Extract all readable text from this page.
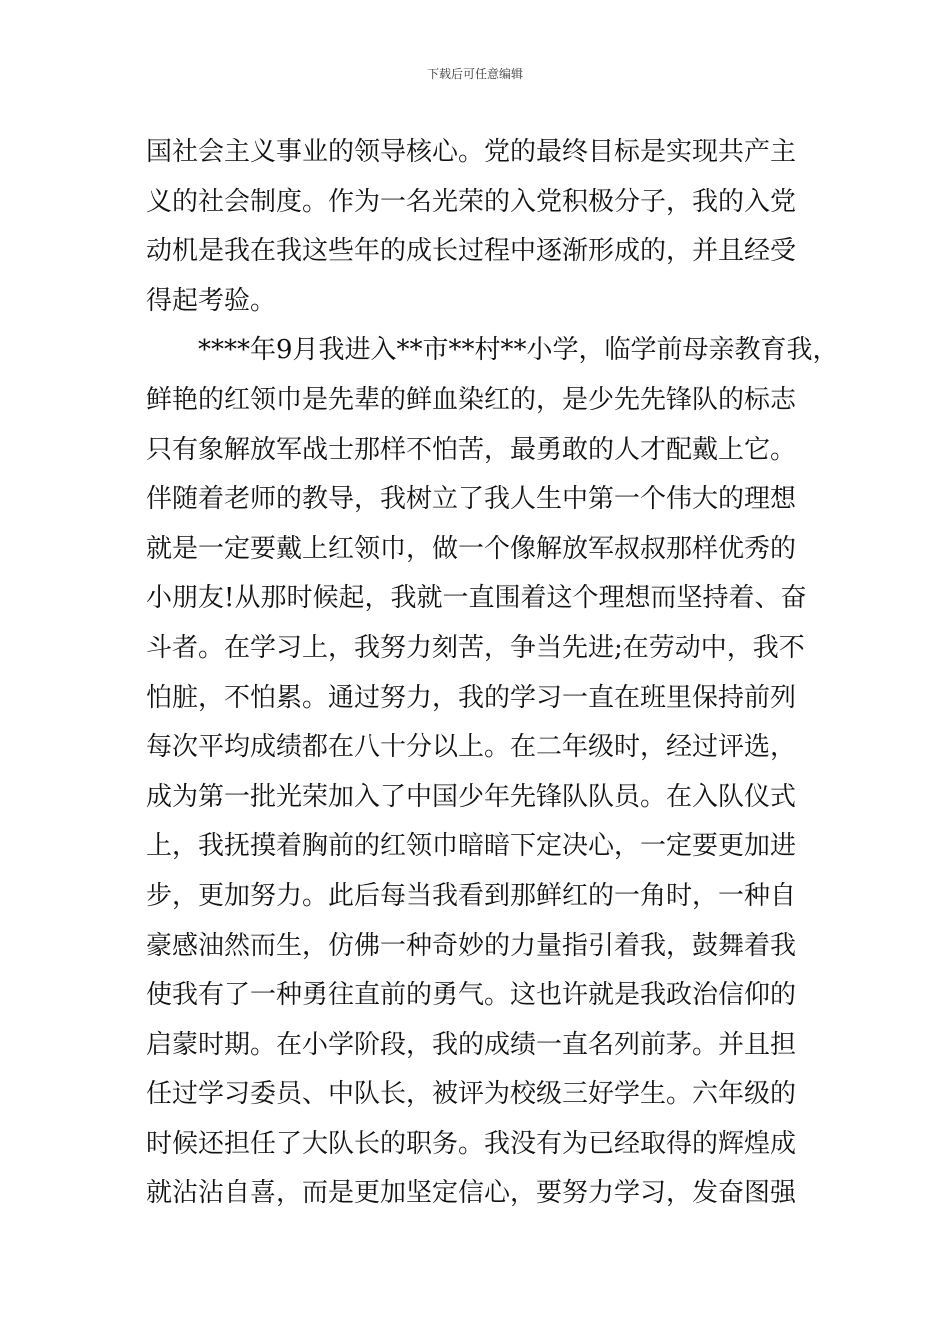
下载后可任意编辑
国社会主义事业的领导核心。党的最终目标是实现共产主
义的社会制度。作为一名光荣的入党积极分子，我的入党
动机是我在我这些年的成长过程中逐渐形成的，并且经受
得起考验。
****年9月我进入**市**村**小学，临学前母亲教育我，
鲜艳的红领巾是先辈的鲜血染红的，是少先先锋队的标志
只有象解放军战士那样不怕苦，最勇敢的人才配戴上它。
伴随着老师的教导，我树立了我人生中第一个伟大的理想
就是一定要戴上红领巾，做一个像解放军叔叔那样优秀的
小朋友!从那时候起，我就一直围着这个理想而坚持着、奋
斗者。在学习上，我努力刻苦，争当先进;在劳动中，我不
怕脏，不怕累。通过努力，我的学习一直在班里保持前列
每次平均成绩都在八十分以上。在二年级时，经过评选，
成为第一批光荣加入了中国少年先锋队队员。在入队仪式
上，我抚摸着胸前的红领巾暗暗下定决心，一定要更加进
步，更加努力。此后每当我看到那鲜红的一角时，一种自
豪感油然而生，仿佛一种奇妙的力量指引着我，鼓舞着我
使我有了一种勇往直前的勇气。这也许就是我政治信仰的
启蒙时期。在小学阶段，我的成绩一直名列前茅。并且担
任过学习委员、中队长，被评为校级三好学生。六年级的
时候还担任了大队长的职务。我没有为已经取得的辉煌成
就沾沾自喜，而是更加坚定信心，要努力学习，发奋图强
